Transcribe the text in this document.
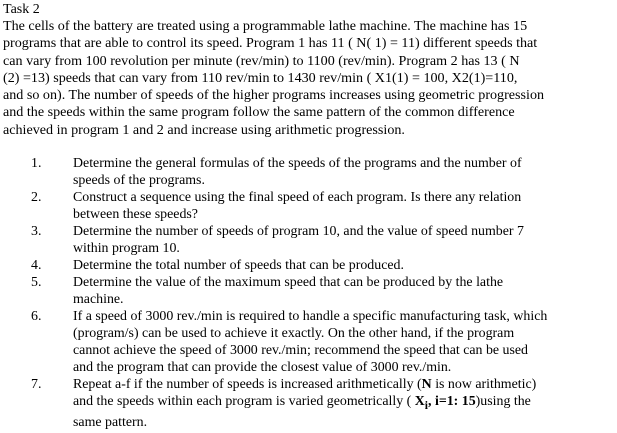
Task 2

The cells of the battery are treated using a programmable lathe machine. The machine has 15
programs that are able to control its speed. Program 1 has 11 ( N( 1) = 11) different speeds that
can vary from 100 revolution per minute (rev/min) to 1100 (rev/min). Program 2 has 13 ( N
(2) =13) speeds that can vary from 110 rev/min to 1430 rev/min ( X1(1) = 100, X2(1)=110,
and so on). The number of speeds of the higher programs increases using geometric progression
and the speeds within the same program follow the same pattern of the common difference
achieved in program 1 and 2 and increase using arithmetic progression.

1. Determine the general formulas of the speeds of the programs and the number of
speeds of the programs.
2. Construct a sequence using the final speed of each program. Is there any relation
between these speeds?
3. Determine the number of speeds of program 10, and the value of speed number 7
within program 10.
4. Determine the total number of speeds that can be produced.
5. Determine the value of the maximum speed that can be produced by the lathe
machine.
6. If a speed of 3000 rev./min is required to handle a specific manufacturing task, which
(program/s) can be used to achieve it exactly. On the other hand, if the program
cannot achieve the speed of 3000 rev./min; recommend the speed that can be used
and the program that can provide the closest value of 3000 rev./min.
7. Repeat a-f if the number of speeds is increased arithmetically (N is now arithmetic)
and the speeds within each program is varied geometrically ( $X_i$, i=1: 15)using the
same pattern.
